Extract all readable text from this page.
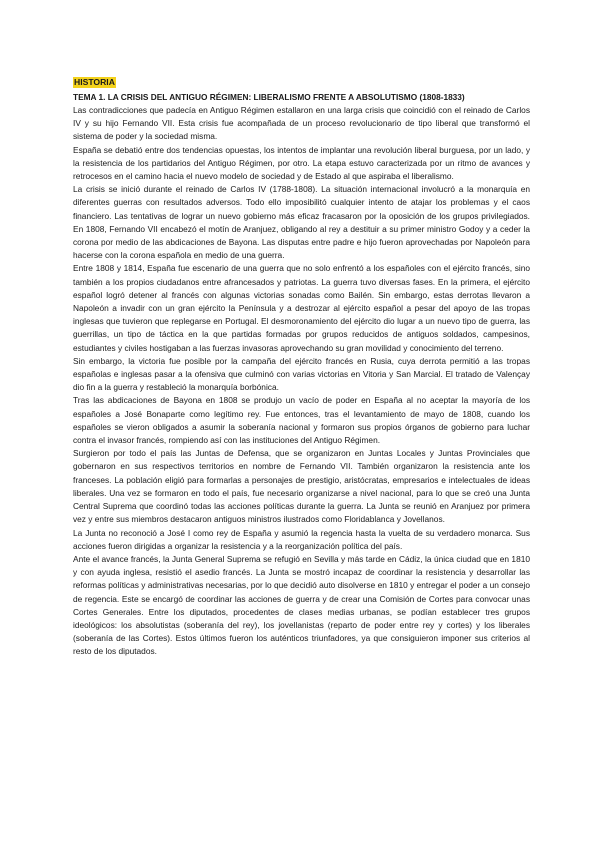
HISTORIA

TEMA 1. LA CRISIS DEL ANTIGUO RÉGIMEN: LIBERALISMO FRENTE A ABSOLUTISMO (1808-1833)

Las contradicciones que padecía en Antiguo Régimen estallaron en una larga crisis que coincidió con el reinado de Carlos IV y su hijo Fernando VII. Esta crisis fue acompañada de un proceso revolucionario de tipo liberal que transformó el sistema de poder y la sociedad misma.

España se debatió entre dos tendencias opuestas, los intentos de implantar una revolución liberal burguesa, por un lado, y la resistencia de los partidarios del Antiguo Régimen, por otro. La etapa estuvo caracterizada por un ritmo de avances y retrocesos en el camino hacia el nuevo modelo de sociedad y de Estado al que aspiraba el liberalismo.

La crisis se inició durante el reinado de Carlos IV (1788-1808). La situación internacional involucró a la monarquía en diferentes guerras con resultados adversos. Todo ello imposibilitó cualquier intento de atajar los problemas y el caos financiero. Las tentativas de lograr un nuevo gobierno más eficaz fracasaron por la oposición de los grupos privilegiados. En 1808, Fernando VII encabezó el motín de Aranjuez, obligando al rey a destituir a su primer ministro Godoy y a ceder la corona por medio de las abdicaciones de Bayona. Las disputas entre padre e hijo fueron aprovechadas por Napoleón para hacerse con la corona española en medio de una guerra.

Entre 1808 y 1814, España fue escenario de una guerra que no solo enfrentó a los españoles con el ejército francés, sino también a los propios ciudadanos entre afrancesados y patriotas. La guerra tuvo diversas fases. En la primera, el ejército español logró detener al francés con algunas victorias sonadas como Bailén. Sin embargo, estas derrotas llevaron a Napoleón a invadir con un gran ejército la Península y a destrozar al ejército español a pesar del apoyo de las tropas inglesas que tuvieron que replegarse en Portugal. El desmoronamiento del ejército dio lugar a un nuevo tipo de guerra, las guerrillas, un tipo de táctica en la que partidas formadas por grupos reducidos de antiguos soldados, campesinos, estudiantes y civiles hostigaban a las fuerzas invasoras aprovechando su gran movilidad y conocimiento del terreno.

Sin embargo, la victoria fue posible por la campaña del ejército francés en Rusia, cuya derrota permitió a las tropas españolas e inglesas pasar a la ofensiva que culminó con varias victorias en Vitoria y San Marcial. El tratado de Valençay dio fin a la guerra y restableció la monarquía borbónica.

Tras las abdicaciones de Bayona en 1808 se produjo un vacío de poder en España al no aceptar la mayoría de los españoles a José Bonaparte como legítimo rey. Fue entonces, tras el levantamiento de mayo de 1808, cuando los españoles se vieron obligados a asumir la soberanía nacional y formaron sus propios órganos de gobierno para luchar contra el invasor francés, rompiendo así con las instituciones del Antiguo Régimen.

Surgieron por todo el país las Juntas de Defensa, que se organizaron en Juntas Locales y Juntas Provinciales que gobernaron en sus respectivos territorios en nombre de Fernando VII. También organizaron la resistencia ante los franceses. La población eligió para formarlas a personajes de prestigio, aristócratas, empresarios e intelectuales de ideas liberales. Una vez se formaron en todo el país, fue necesario organizarse a nivel nacional, para lo que se creó una Junta Central Suprema que coordinó todas las acciones políticas durante la guerra. La Junta se reunió en Aranjuez por primera vez y entre sus miembros destacaron antiguos ministros ilustrados como Floridablanca y Jovellanos.

La Junta no reconoció a José I como rey de España y asumió la regencia hasta la vuelta de su verdadero monarca. Sus acciones fueron dirigidas a organizar la resistencia y a la reorganización política del país.

Ante el avance francés, la Junta General Suprema se refugió en Sevilla y más tarde en Cádiz, la única ciudad que en 1810 y con ayuda inglesa, resistió el asedio francés. La Junta se mostró incapaz de coordinar la resistencia y desarrollar las reformas políticas y administrativas necesarias, por lo que decidió auto disolverse en 1810 y entregar el poder a un consejo de regencia. Este se encargó de coordinar las acciones de guerra y de crear una Comisión de Cortes para convocar unas Cortes Generales. Entre los diputados, procedentes de clases medias urbanas, se podían establecer tres grupos ideológicos: los absolutistas (soberanía del rey), los jovellanistas (reparto de poder entre rey y cortes) y los liberales (soberanía de las Cortes). Estos últimos fueron los auténticos triunfadores, ya que consiguieron imponer sus criterios al resto de los diputados.
